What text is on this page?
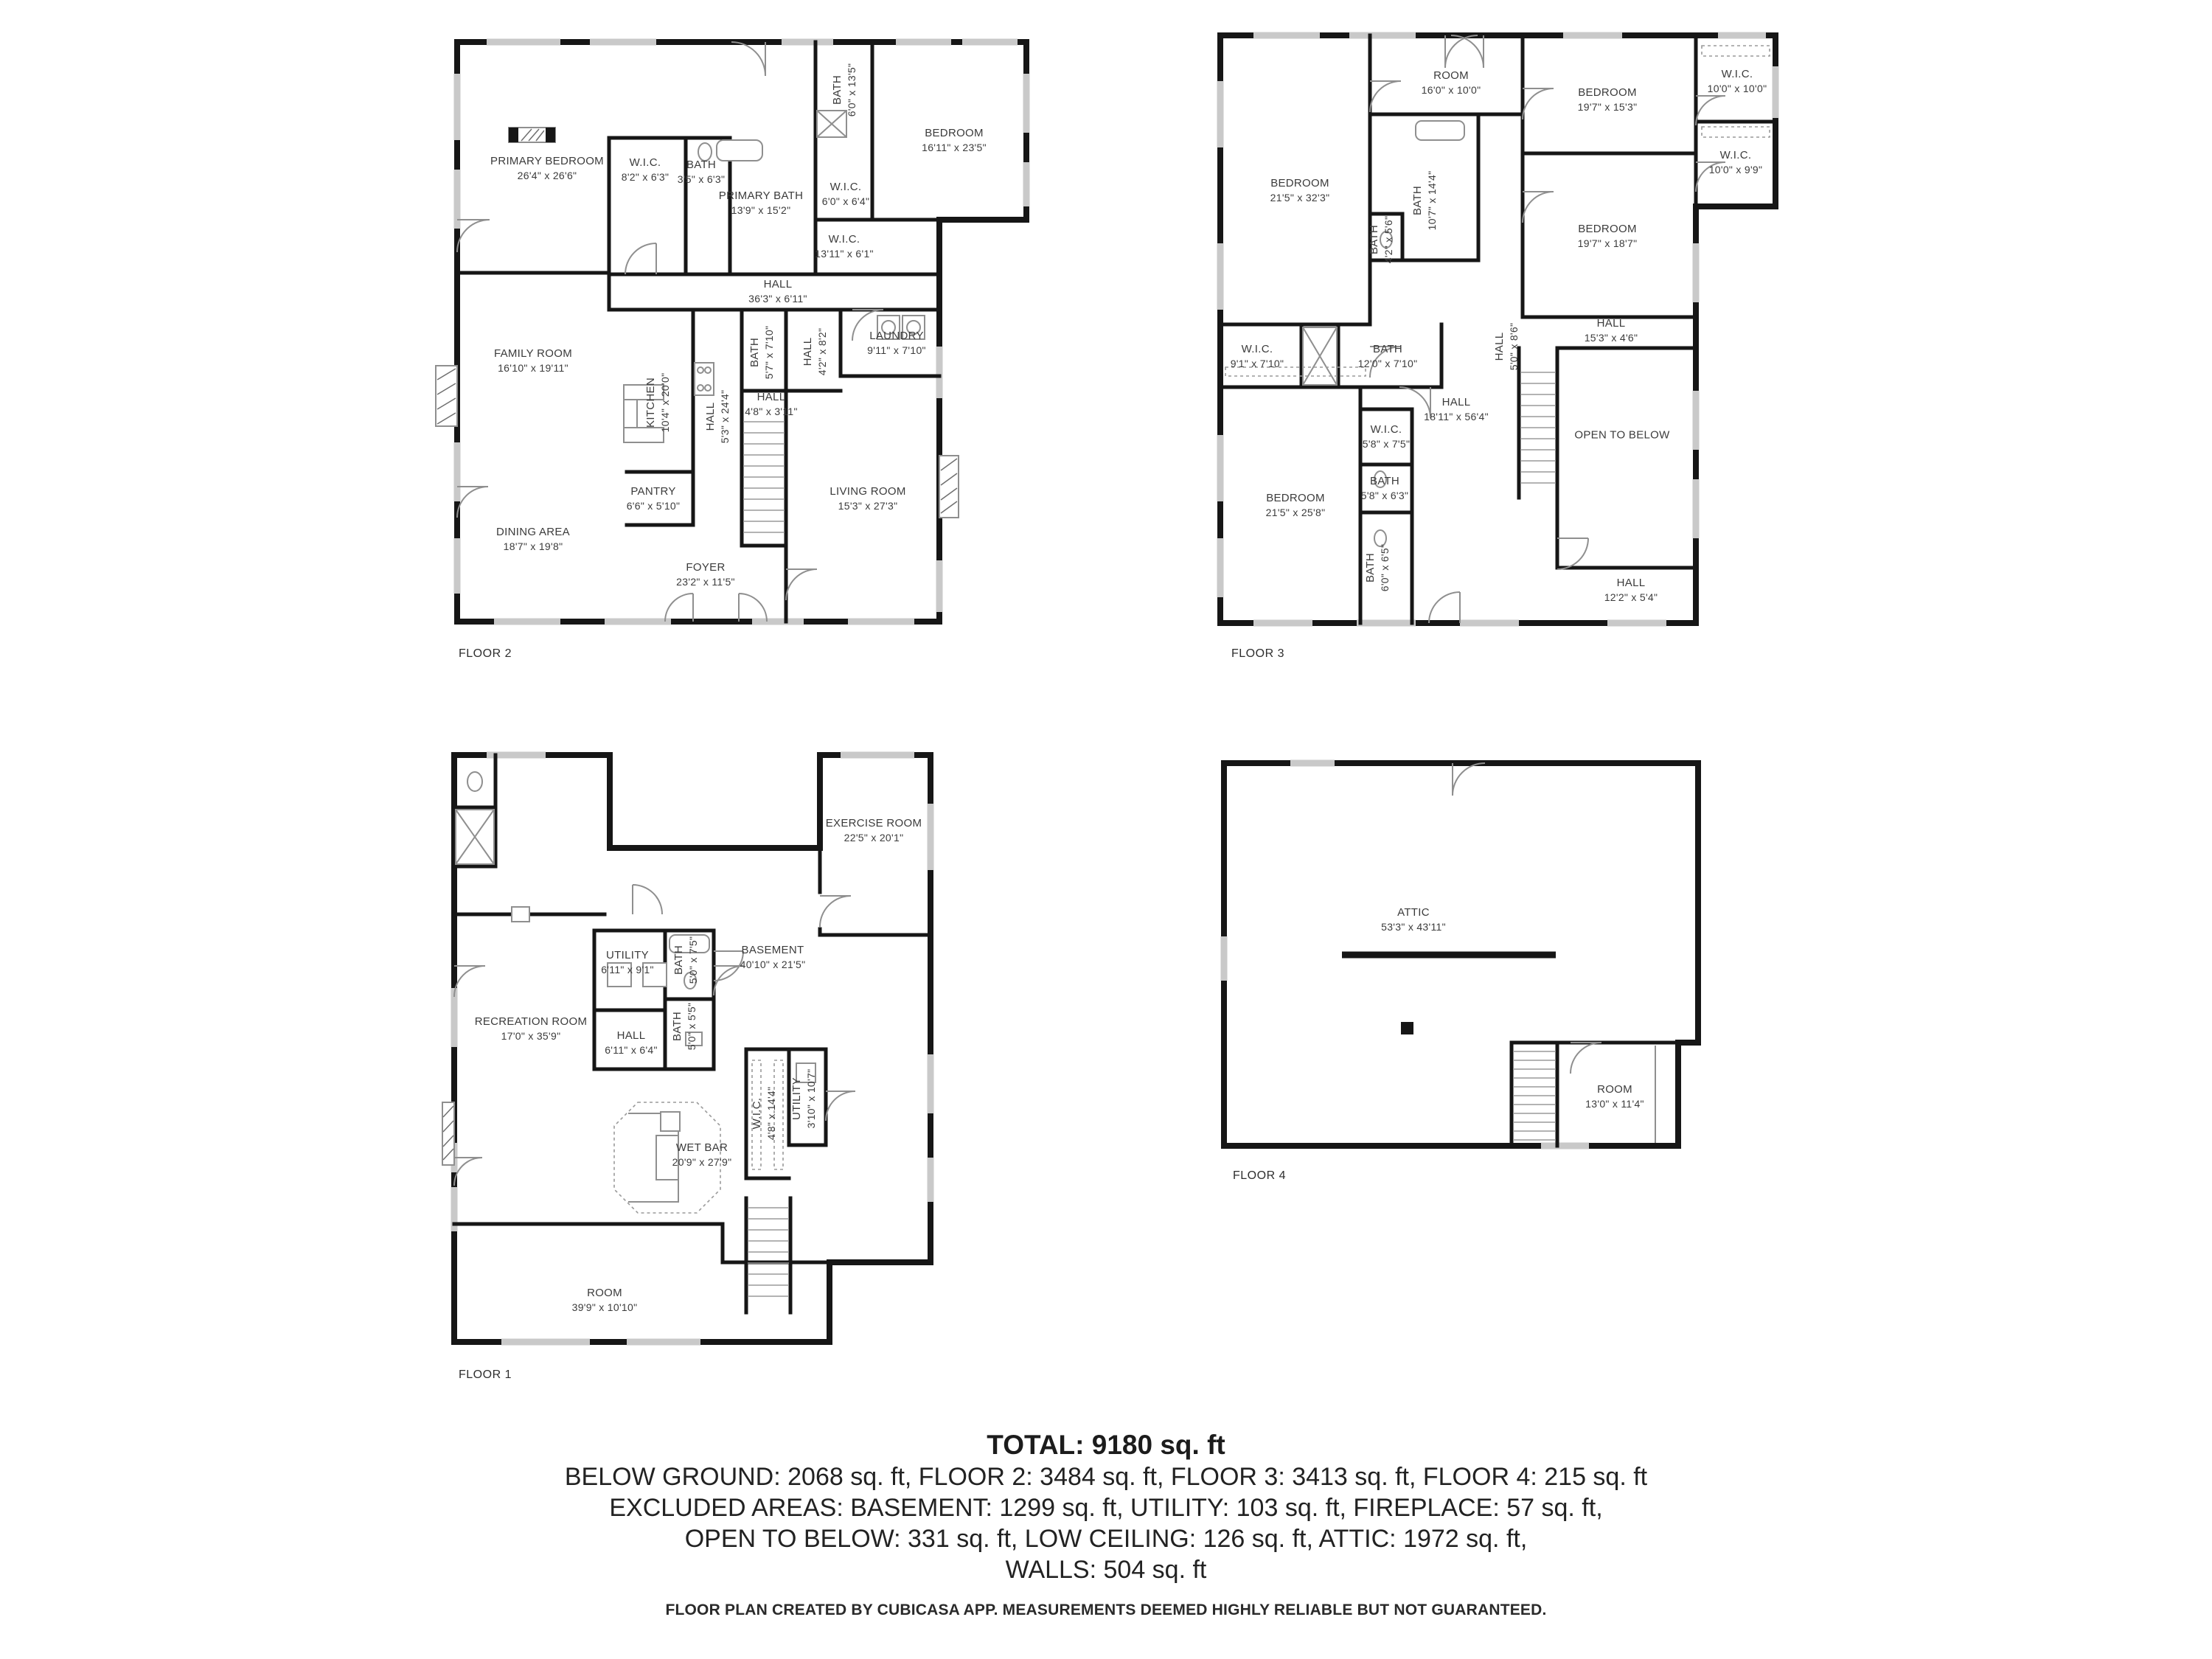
PRIMARY BEDROOM
26'4" x 26'6"
W.I.C.
8'2" x 6'3"
BATH
3'5" x 6'3"
PRIMARY BATH
13'9" x 15'2"
BATH 6'0" x 13'5"
BEDROOM
16'11" x 23'5"
W.I.C.
6'0" x 6'4"
W.I.C.
13'11" x 6'1"
HALL
36'3" x 6'11"
BATH 5'7" x 7'10" HALL 4'2" x 8'2"	LAUNDRY
9'11" x 7'10"
HALL
4'8" x 3'11"
FAMILY ROOM
16'10" x 19'11"
KITCHEN 10'4" x 20'0"	HALL 5'3" x 24'4"
PANTRY
6'6" x 5'10"
DINING AREA
18'7" x 19'8"
FOYER
23'2" x 11'5"
LIVING ROOM
15'3" x 27'3"
FLOOR 2
BEDROOM
21'5" x 32'3"
ROOM
16'0" x 10'0"
BATH 10'7" x 14'4"
BATH 4'2" x 5'6"
BEDROOM
19'7" x 15'3"
W.I.C.
10'0" x 10'0"
W.I.C.
10'0" x 9'9"
BEDROOM
19'7" x 18'7"
W.I.C.
9'1" x 7'10"
BATH
12'0" x 7'10"
HALL 5'0" x 8'6"	HALL
15'3" x 4'6"
HALL
18'11" x 56'4"
OPEN TO BELOW
BEDROOM
21'5" x 25'8"
W.I.C.
5'8" x 7'5"
BATH
5'8" x 6'3"
BATH 6'0" x 6'5"	HALL
12'2" x 5'4"
FLOOR 3
EXERCISE ROOM
22'5" x 20'1"
BASEMENT
40'10" x 21'5"
UTILITY
6'11" x 9'1" BATH 5'0" x 7'5"
BATH 5'0" x 5'5"
HALL
6'11" x 6'4"
RECREATION ROOM
17'0" x 35'9"
WET BAR
20'9" x 27'9"
W.I.C. 4'8" x 14'4" UTILITY 3'10" x 10'7"
ROOM
39'9" x 10'10"
FLOOR 1
ATTIC
53'3" x 43'11"
ROOM
13'0" x 11'4"
FLOOR 4
TOTAL: 9180 sq. ft
BELOW GROUND: 2068 sq. ft, FLOOR 2: 3484 sq. ft, FLOOR 3: 3413 sq. ft, FLOOR 4: 215 sq. ft
EXCLUDED AREAS: BASEMENT: 1299 sq. ft, UTILITY: 103 sq. ft, FIREPLACE: 57 sq. ft,
OPEN TO BELOW: 331 sq. ft, LOW CEILING: 126 sq. ft, ATTIC: 1972 sq. ft,
WALLS: 504 sq. ft
FLOOR PLAN CREATED BY CUBICASA APP. MEASUREMENTS DEEMED HIGHLY RELIABLE BUT NOT GUARANTEED.
